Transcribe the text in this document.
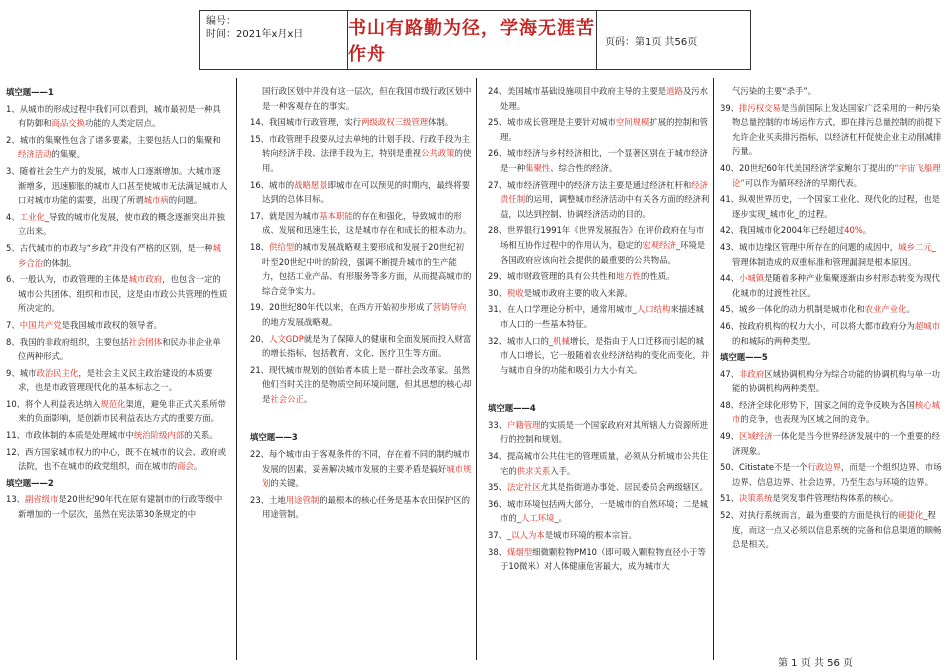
编号：
时间：2021年x月x日	书山有路勤为径，学海无涯苦作舟
页码：第1页 共56页
填空题——1
1、从城市的形成过程中我们可以看到，城市最初是一种具有防御和商品交换功能的人类定居点。
2、城市的集聚性包含了诸多要素，主要包括人口的集聚和经济活动的集聚。
3、随着社会生产力的发展，城市人口逐渐增加。大城市逐渐增多，迅速膨胀的城市人口甚至使城市无法满足城市人口对城市功能的需要，出现了所谓城市病的问题。
4、工业化_导致的城市化发展，使市政的概念逐渐突出并独立出来。
5、古代城市的市政与“乡政”并没有严格的区别，是一种城乡合治的体制。
6、一般认为，市政管理的主体是城市政府，也包含一定的城市公共团体、组织和市民，这是由市政公共管理的性质所决定的。
7、中国共产党是我国城市政权的领导者。
8、我国的非政府组织，主要包括社会团体和民办非企业单位两种形式。
9、城市政治民主化，是社会主义民主政治建设的本质要求，也是市政管理现代化的基本标志之一。
10、将个人利益表达纳入规范化渠道，避免非正式关系所带来的负面影响，是创新市民利益表达方式的重要方面。
11、市政体制的本质是处理城市中统治阶级内部的关系。
12、西方国家城市权力的中心，既不在城市的议会、政府或法院，也不在城市的政党组织，而在城市的商会。
填空题——2
13、副省级市是20世纪90年代在原有建制市的行政等级中新增加的一个层次，虽然在宪法第30条规定的中
国行政区划中并没有这一层次，但在我国市级行政区划中是一种客观存在的事实。
14、我国城市行政管理，实行两级政权三级管理体制。
15、市政管理手段要从过去单纯的计划手段、行政手段为主转向经济手段、法律手段为主，特别是重视公共政策的使用。
16、城市的战略愿景即城市在可以预见的时期内，最终将要达到的总体目标。
17、就是因为城市基本职能的存在和强化，导致城市的形成、发展和迅速生长，这是城市存在和成长的根本动力。
18、供给型的城市发展战略观主要形成和发展于20世纪初叶至20世纪中叶的阶段，强调不断提升城市的生产能力，包括工业产品、有形服务等多方面，从而提高城市的综合竞争实力。
19、20世纪80年代以来，在西方开始初步形成了营销导向的地方发展战略观。
20、人文GDP就是为了保障人的健康和全面发展而投入财富的增长指标，包括教育、文化、医疗卫生等方面。
21、现代城市规划的创始者本质上是一群社会改革家。虽然他们当时关注的是物质空间环境问题，但其思想的核心却是社会公正。
填空题——3
22、每个城市由于客观条件的不同，存在着不同的制约城市发展的因素，妥善解决城市发展的主要矛盾是搞好城市规划的关键。
23、土地用途管制的最根本的核心任务是基本农田保护区的用途管制。
24、美国城市基础设施项目中政府主导的主要是道路及污水处理。
25、城市成长管理是主要针对城市空间规模扩展的控制和管理。
26、城市经济与乡村经济相比，一个显著区别在于城市经济是一种集聚性、综合性的经济。
27、城市经济管理中的经济方法主要是通过经济杠杆和经济责任制的运用，调整城市经济活动中有关各方面的经济利益，以达到控制、协调经济活动的目的。
28、世界银行1991年《世界发展报告》在评价政府在与市场相互协作过程中的作用认为，稳定的宏观经济_环境是各国政府应该向社会提供的最重要的公共物品。
29、城市财政管理的具有公共性和地方性的性质。
30、税收是城市政府主要的收入来源。
31、在人口学理论分析中，通常用城市_人口结构来描述城市人口的一些基本特征。
32、城市人口的_机械增长，是指由于人口迁移而引起的城市人口增长，它一般随着农业经济结构的变化而变化，并与城市自身的功能和吸引力大小有关。
填空题——4
33、户籍管理的实质是一个国家政府对其所辖人力资源所进行的控制和规划。
34、提高城市公共住宅的管理质量，必须从分析城市公共住宅的供求关系入手。
35、法定社区尤其是指街道办事处、居民委员会两级辖区。
36、城市环境包括两大部分，一是城市的自然环境；二是城市的_人工环境_。
37、_以人为本是城市环境的根本宗旨。
38、煤烟型细微颗粒物PM10（即可吸入颗粒物直径小于等于10微米）对人体健康危害最大，成为城市大
气污染的主要“杀手”。
39、排污权交易是当前国际上发达国家广泛采用的一种污染物总量控制的市场运作方式，即在排污总量控制的前提下允许企业买卖排污指标，以经济杠杆促使企业主动削减排污量。
40、20世纪60年代美国经济学家鲍尔丁提出的“宇宙飞船理论”可以作为循环经济的早期代表。
41、纵观世界历史，一个国家工业化、现代化的过程，也是逐步实现_城市化_的过程。
42、我国城市化2004年已经超过40%。
43、城市边缘区管理中所存在的问题的成因中，城乡二元_管理体制造成的双重标准和管理漏洞是根本原因。
44、小城镇是随着多种产业集聚逐渐由乡村形态转变为现代化城市的过渡性社区。
45、城乡一体化的动力机制是城市化和农业产业化。
46、按政府机构的权力大小，可以将大都市政府分为超城市的和城际的两种类型。
填空题——5
47、非政府区域协调机构分为综合功能的协调机构与单一功能的协调机构两种类型。
48、经济全球化形势下，国家之间的竞争反映为各国核心城市的竞争，也表现为区域之间的竞争。
49、区域经济一体化是当今世界经济发展中的一个重要的经济现象。
50、Citistate不是一个行政边界，而是一个组织边界、市场边界、信息边界、社会边界，乃至生态与环境的边界。
51、决策系统是突发事件管理结构体系的核心。
52、对执行系统而言，最为重要的方面是执行的硬捷化_程度，而这一点又必须以信息系统的完备和信息渠道的顺畅总是相关。
第 1 页 共 56 页
